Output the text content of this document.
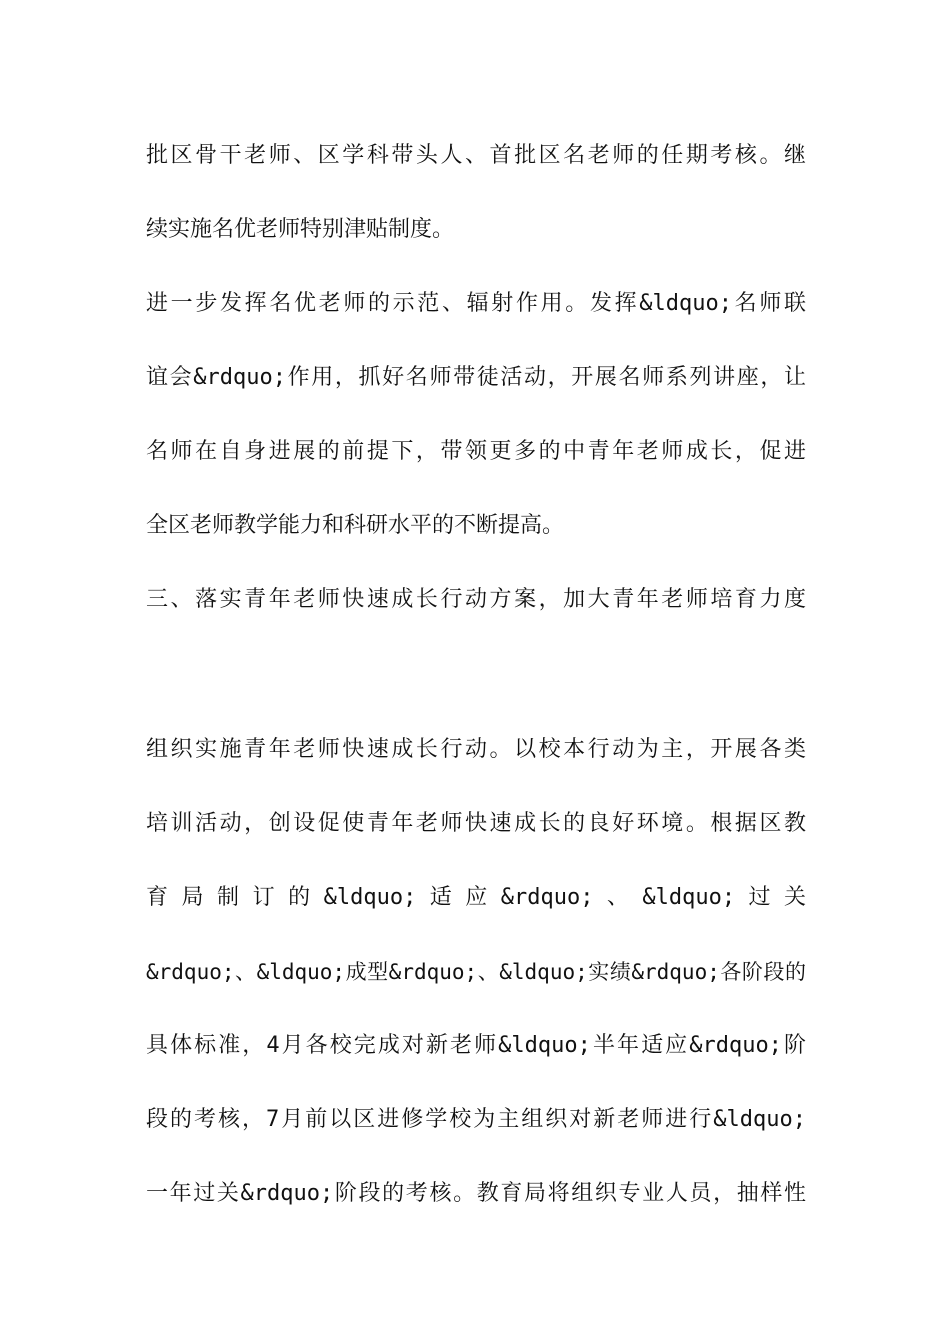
批区骨干老师、区学科带头人、首批区名老师的任期考核。继
续实施名优老师特别津贴制度。
进一步发挥名优老师的示范、辐射作用。发挥&ldquo;名师联
谊会&rdquo;作用，抓好名师带徒活动，开展名师系列讲座，让
名师在自身进展的前提下，带领更多的中青年老师成长，促进
全区老师教学能力和科研水平的不断提高。
三、落实青年老师快速成长行动方案，加大青年老师培育力度
组织实施青年老师快速成长行动。以校本行动为主，开展各类
培训活动，创设促使青年老师快速成长的良好环境。根据区教
育 局 制 订 的 &ldquo; 适 应 &rdquo; 、 &ldquo; 过 关
&rdquo;、&ldquo;成型&rdquo;、&ldquo;实绩&rdquo;各阶段的
具体标准，4月各校完成对新老师&ldquo;半年适应&rdquo;阶
段的考核，7月前以区进修学校为主组织对新老师进行&ldquo;
一年过关&rdquo;阶段的考核。教育局将组织专业人员，抽样性
